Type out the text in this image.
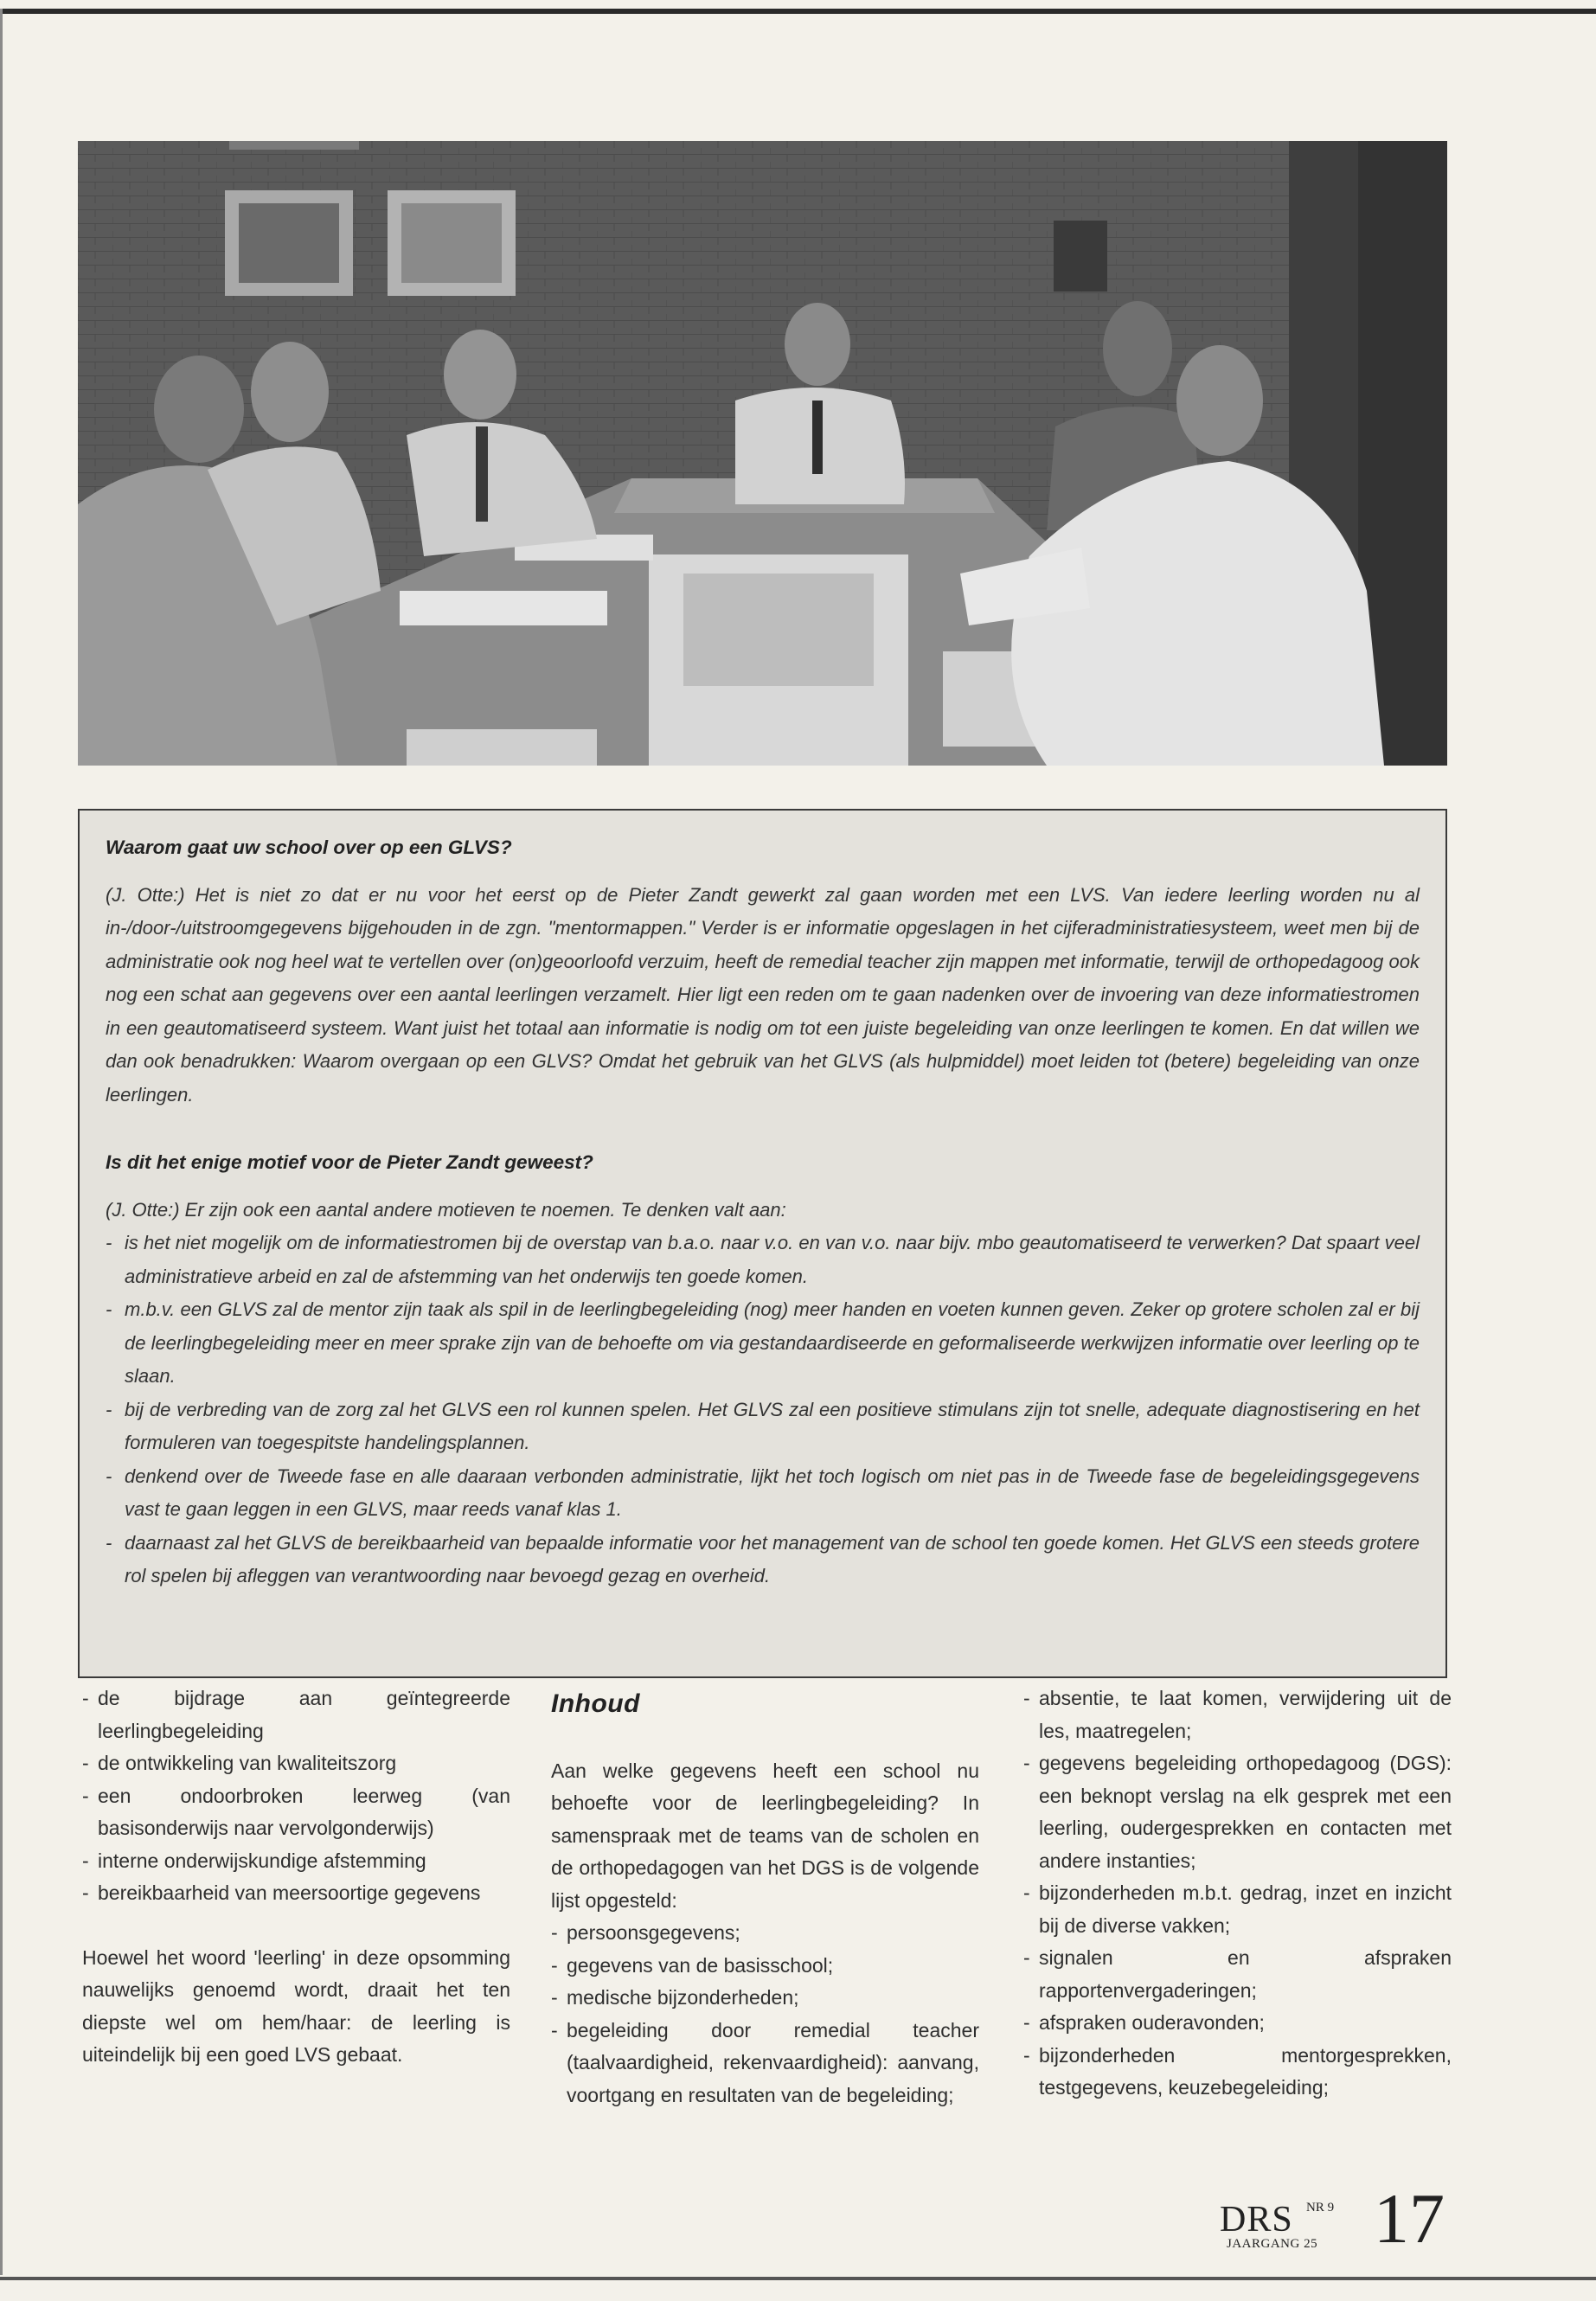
Waarom gaat uw school over op een GLVS?

(J. Otte:) Het is niet zo dat er nu voor het eerst op de Pieter Zandt gewerkt zal gaan worden met een LVS. Van iedere leerling worden nu al in-/door-/uitstroomgegevens bijgehouden in de zgn. "mentormappen." Verder is er informatie opgeslagen in het cijferadministratiesysteem, weet men bij de administratie ook nog heel wat te vertellen over (on)geoorloofd verzuim, heeft de remedial teacher zijn mappen met informatie, terwijl de orthopedagoog ook nog een schat aan gegevens over een aantal leerlingen verzamelt. Hier ligt een reden om te gaan nadenken over de invoering van deze informatiestromen in een geautomatiseerd systeem. Want juist het totaal aan informatie is nodig om tot een juiste begeleiding van onze leerlingen te komen. En dat willen we dan ook benadrukken: Waarom overgaan op een GLVS? Omdat het gebruik van het GLVS (als hulpmiddel) moet leiden tot (betere) begeleiding van onze leerlingen.

Is dit het enige motief voor de Pieter Zandt geweest?

(J. Otte:) Er zijn ook een aantal andere motieven te noemen. Te denken valt aan:

- is het niet mogelijk om de informatiestromen bij de overstap van b.a.o. naar v.o. en van v.o. naar bijv. mbo geautomatiseerd te verwerken? Dat spaart veel administratieve arbeid en zal de afstemming van het onderwijs ten goede komen.
- m.b.v. een GLVS zal de mentor zijn taak als spil in de leerlingbegeleiding (nog) meer handen en voeten kunnen geven. Zeker op grotere scholen zal er bij de leerlingbegeleiding meer en meer sprake zijn van de behoefte om via gestandaardiseerde en geformaliseerde werkwijzen informatie over leerling op te slaan.
- bij de verbreding van de zorg zal het GLVS een rol kunnen spelen. Het GLVS zal een positieve stimulans zijn tot snelle, adequate diagnostisering en het formuleren van toegespitste handelingsplannen.
- denkend over de Tweede fase en alle daaraan verbonden administratie, lijkt het toch logisch om niet pas in de Tweede fase de begeleidingsgegevens vast te gaan leggen in een GLVS, maar reeds vanaf klas 1.
- daarnaast zal het GLVS de bereikbaarheid van bepaalde informatie voor het management van de school ten goede komen. Het GLVS een steeds grotere rol spelen bij afleggen van verantwoording naar bevoegd gezag en overheid.
- de bijdrage aan geïntegreerde leerlingbegeleiding
- de ontwikkeling van kwaliteitszorg
- een ondoorbroken leerweg (van basisonderwijs naar vervolgonderwijs)
- interne onderwijskundige afstemming
- bereikbaarheid van meersoortige gegevens

Hoewel het woord 'leerling' in deze opsomming nauwelijks genoemd wordt, draait het ten diepste wel om hem/haar: de leerling is uiteindelijk bij een goed LVS gebaat.

Inhoud

Aan welke gegevens heeft een school nu behoefte voor de leerlingbegeleiding? In samenspraak met de teams van de scholen en de orthopedagogen van het DGS is de volgende lijst opgesteld:

- persoonsgegevens;
- gegevens van de basisschool;
- medische bijzonderheden;
- begeleiding door remedial teacher (taalvaardigheid, rekenvaardigheid): aanvang, voortgang en resultaten van de begeleiding;
- absentie, te laat komen, verwijdering uit de les, maatregelen;
- gegevens begeleiding orthopedagoog (DGS): een beknopt verslag na elk gesprek met een leerling, oudergesprekken en contacten met andere instanties;
- bijzonderheden m.b.t. gedrag, inzet en inzicht bij de diverse vakken;
- signalen en afspraken rapportenvergaderingen;
- afspraken ouderavonden;
- bijzonderheden mentorgesprekken, testgegevens, keuzebegeleiding;
DRS NR 9
JAARGANG 25 17
